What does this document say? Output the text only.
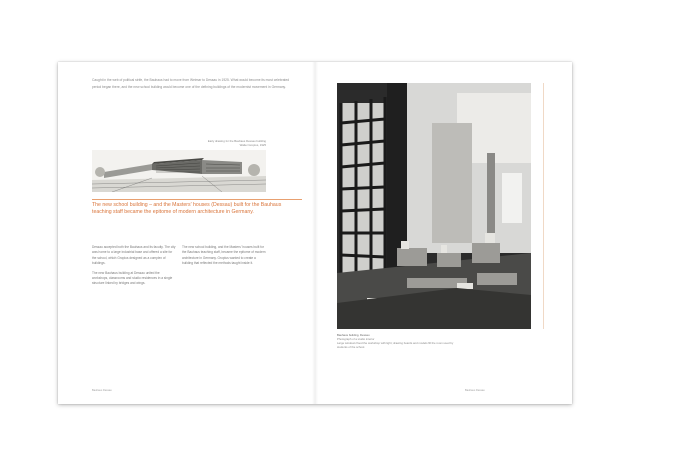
Caught in the web of political strife, the Bauhaus had to move from Weimar to Dessau in 1925. What would become its most celebrated period began there, and the new school building would become one of the defining buildings of the modernist movement in Germany.
Early drawing for the Bauhaus Dessau building
Walter Gropius, 1925
The new school building – and the Masters' houses (Dessau) built for the Bauhaus teaching staff became the epitome of modern architecture in Germany.

Dessau accepted both the Bauhaus and its faculty. The city was home to a large industrial base and offered a site for the school, which Gropius designed as a complex of buildings.

The new Bauhaus building at Dessau united the workshops, classrooms and studio residences in a single structure linked by bridges and wings.

The new school building, and the Masters' houses built for the Bauhaus teaching staff, became the epitome of modern architecture in Germany. Gropius wanted to create a building that reflected the methods taught inside it.

Bauhaus Dessau
Bauhaus building, Dessau
Photograph of a studio interior
Large windows flood the workshop with light; drawing boards and models fill the room used by students of the school.
Bauhaus Dessau
